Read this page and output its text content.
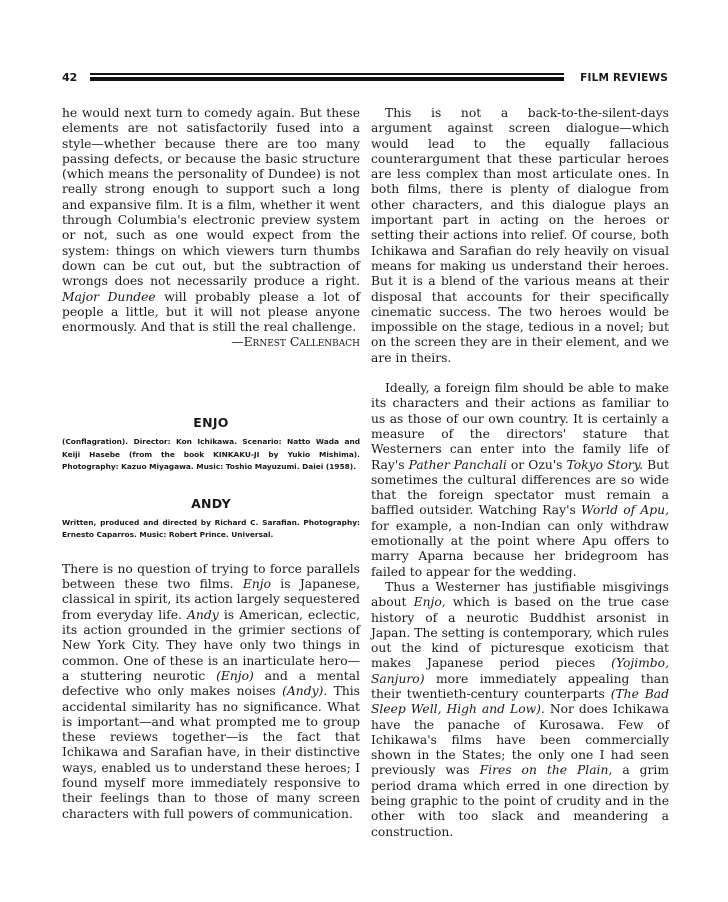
42	FILM REVIEWS

he would next turn to comedy again. But these elements are not satisfactorily fused into a style—whether because there are too many passing defects, or because the basic structure (which means the personality of Dundee) is not really strong enough to support such a long and expansive film. It is a film, whether it went through Columbia's electronic preview system or not, such as one would expect from the system: things on which viewers turn thumbs down can be cut out, but the subtraction of wrongs does not necessarily produce a right. Major Dundee will probably please a lot of people a little, but it will not please anyone enormously. And that is still the real challenge.

—Ernest Callenbach

ENJO

(Conflagration). Director: Kon Ichikawa. Scenario: Natto Wada and Keiji Hasebe (from the book KINKAKU-JI by Yukio Mishima). Photography: Kazuo Miyagawa. Music: Toshio Mayuzumi. Daiei (1958).

ANDY

Written, produced and directed by Richard C. Sarafian. Photography: Ernesto Caparros. Music: Robert Prince. Universal.

There is no question of trying to force parallels between these two films. Enjo is Japanese, classical in spirit, its action largely sequestered from everyday life. Andy is American, eclectic, its action grounded in the grimier sections of New York City. They have only two things in common. One of these is an inarticulate hero—a stuttering neurotic (Enjo) and a mental defective who only makes noises (Andy). This accidental similarity has no significance. What is important—and what prompted me to group these reviews together—is the fact that Ichikawa and Sarafian have, in their distinctive ways, enabled us to understand these heroes; I found myself more immediately responsive to their feelings than to those of many screen characters with full powers of communication.

This is not a back-to-the-silent-days argument against screen dialogue—which would lead to the equally fallacious counterargument that these particular heroes are less complex than most articulate ones. In both films, there is plenty of dialogue from other characters, and this dialogue plays an important part in acting on the heroes or setting their actions into relief. Of course, both Ichikawa and Sarafian do rely heavily on visual means for making us understand their heroes. But it is a blend of the various means at their disposal that accounts for their specifically cinematic success. The two heroes would be impossible on the stage, tedious in a novel; but on the screen they are in their element, and we are in theirs.

Ideally, a foreign film should be able to make its characters and their actions as familiar to us as those of our own country. It is certainly a measure of the directors' stature that Westerners can enter into the family life of Ray's Pather Panchali or Ozu's Tokyo Story. But sometimes the cultural differences are so wide that the foreign spectator must remain a baffled outsider. Watching Ray's World of Apu, for example, a non-Indian can only withdraw emotionally at the point where Apu offers to marry Aparna because her bridegroom has failed to appear for the wedding.

Thus a Westerner has justifiable misgivings about Enjo, which is based on the true case history of a neurotic Buddhist arsonist in Japan. The setting is contemporary, which rules out the kind of picturesque exoticism that makes Japanese period pieces (Yojimbo, Sanjuro) more immediately appealing than their twentieth-century counterparts (The Bad Sleep Well, High and Low). Nor does Ichikawa have the panache of Kurosawa. Few of Ichikawa's films have been commercially shown in the States; the only one I had seen previously was Fires on the Plain, a grim period drama which erred in one direction by being graphic to the point of crudity and in the other with too slack and meandering a construction.
